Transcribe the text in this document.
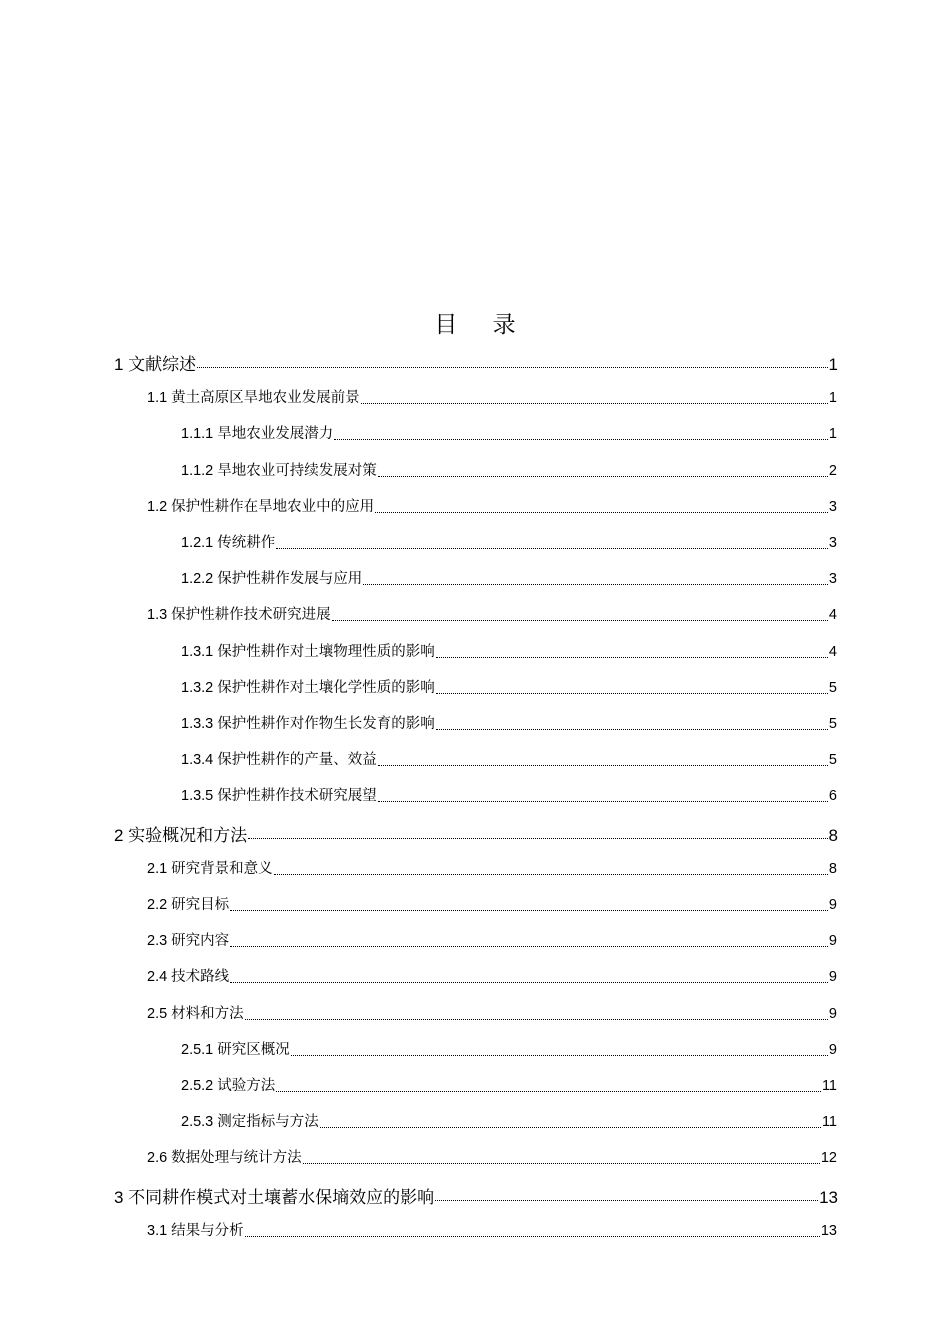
目 录
1 文献综述	1
1.1 黄土高原区旱地农业发展前景	1
1.1.1 旱地农业发展潜力	1
1.1.2 旱地农业可持续发展对策	2
1.2 保护性耕作在旱地农业中的应用	3
1.2.1 传统耕作	3
1.2.2 保护性耕作发展与应用	3
1.3 保护性耕作技术研究进展	4
1.3.1 保护性耕作对土壤物理性质的影响	4
1.3.2 保护性耕作对土壤化学性质的影响	5
1.3.3 保护性耕作对作物生长发育的影响	5
1.3.4 保护性耕作的产量、效益	5
1.3.5 保护性耕作技术研究展望	6
2 实验概况和方法	8
2.1 研究背景和意义	8
2.2 研究目标	9
2.3 研究内容	9
2.4 技术路线	9
2.5 材料和方法	9
2.5.1 研究区概况	9
2.5.2 试验方法	11
2.5.3 测定指标与方法	11
2.6 数据处理与统计方法	12
3 不同耕作模式对土壤蓄水保墒效应的影响	13
3.1 结果与分析	13
